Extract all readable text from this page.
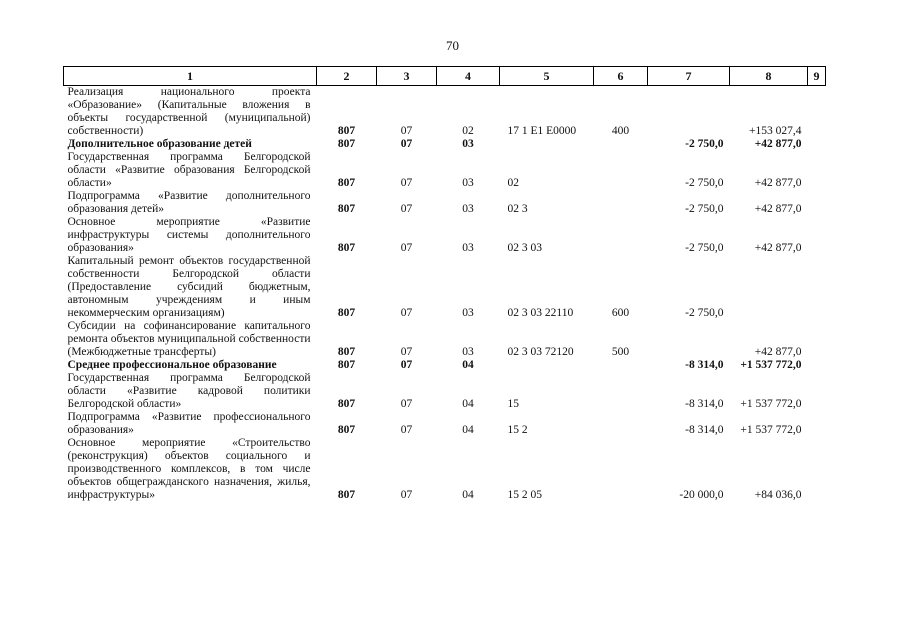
70
1	2	3	4	5	6	7	8	9
Реализация национального проекта «Образование» (Капитальные вложения в объекты государственной (муниципальной) собственности)	807	07	02	17 1 E1 E0000	400		+153 027,4	
Дополнительное образование детей	807	07	03			-2 750,0	+42 877,0	
Государственная программа Белгородской области «Развитие образования Белгородской области»	807	07	03	02		-2 750,0	+42 877,0	
Подпрограмма «Развитие дополнительного образования детей»	807	07	03	02 3		-2 750,0	+42 877,0	
Основное мероприятие «Развитие инфраструктуры системы дополнительного образования»	807	07	03	02 3 03		-2 750,0	+42 877,0	
Капитальный ремонт объектов государственной собственности Белгородской области (Предоставление субсидий бюджетным, автономным учреждениям и иным некоммерческим организациям)	807	07	03	02 3 03 22110	600	-2 750,0		
Субсидии на софинансирование капитального ремонта объектов муниципальной собственности (Межбюджетные трансферты)	807	07	03	02 3 03 72120	500		+42 877,0	
Среднее профессиональное образование	807	07	04			-8 314,0	+1 537 772,0	
Государственная программа Белгородской области «Развитие кадровой политики Белгородской области»	807	07	04	15		-8 314,0	+1 537 772,0	
Подпрограмма «Развитие профессионального образования»	807	07	04	15 2		-8 314,0	+1 537 772,0	
Основное мероприятие «Строительство (реконструкция) объектов социального и производственного комплексов, в том числе объектов общегражданского назначения, жилья, инфраструктуры»	807	07	04	15 2 05		-20 000,0	+84 036,0	
